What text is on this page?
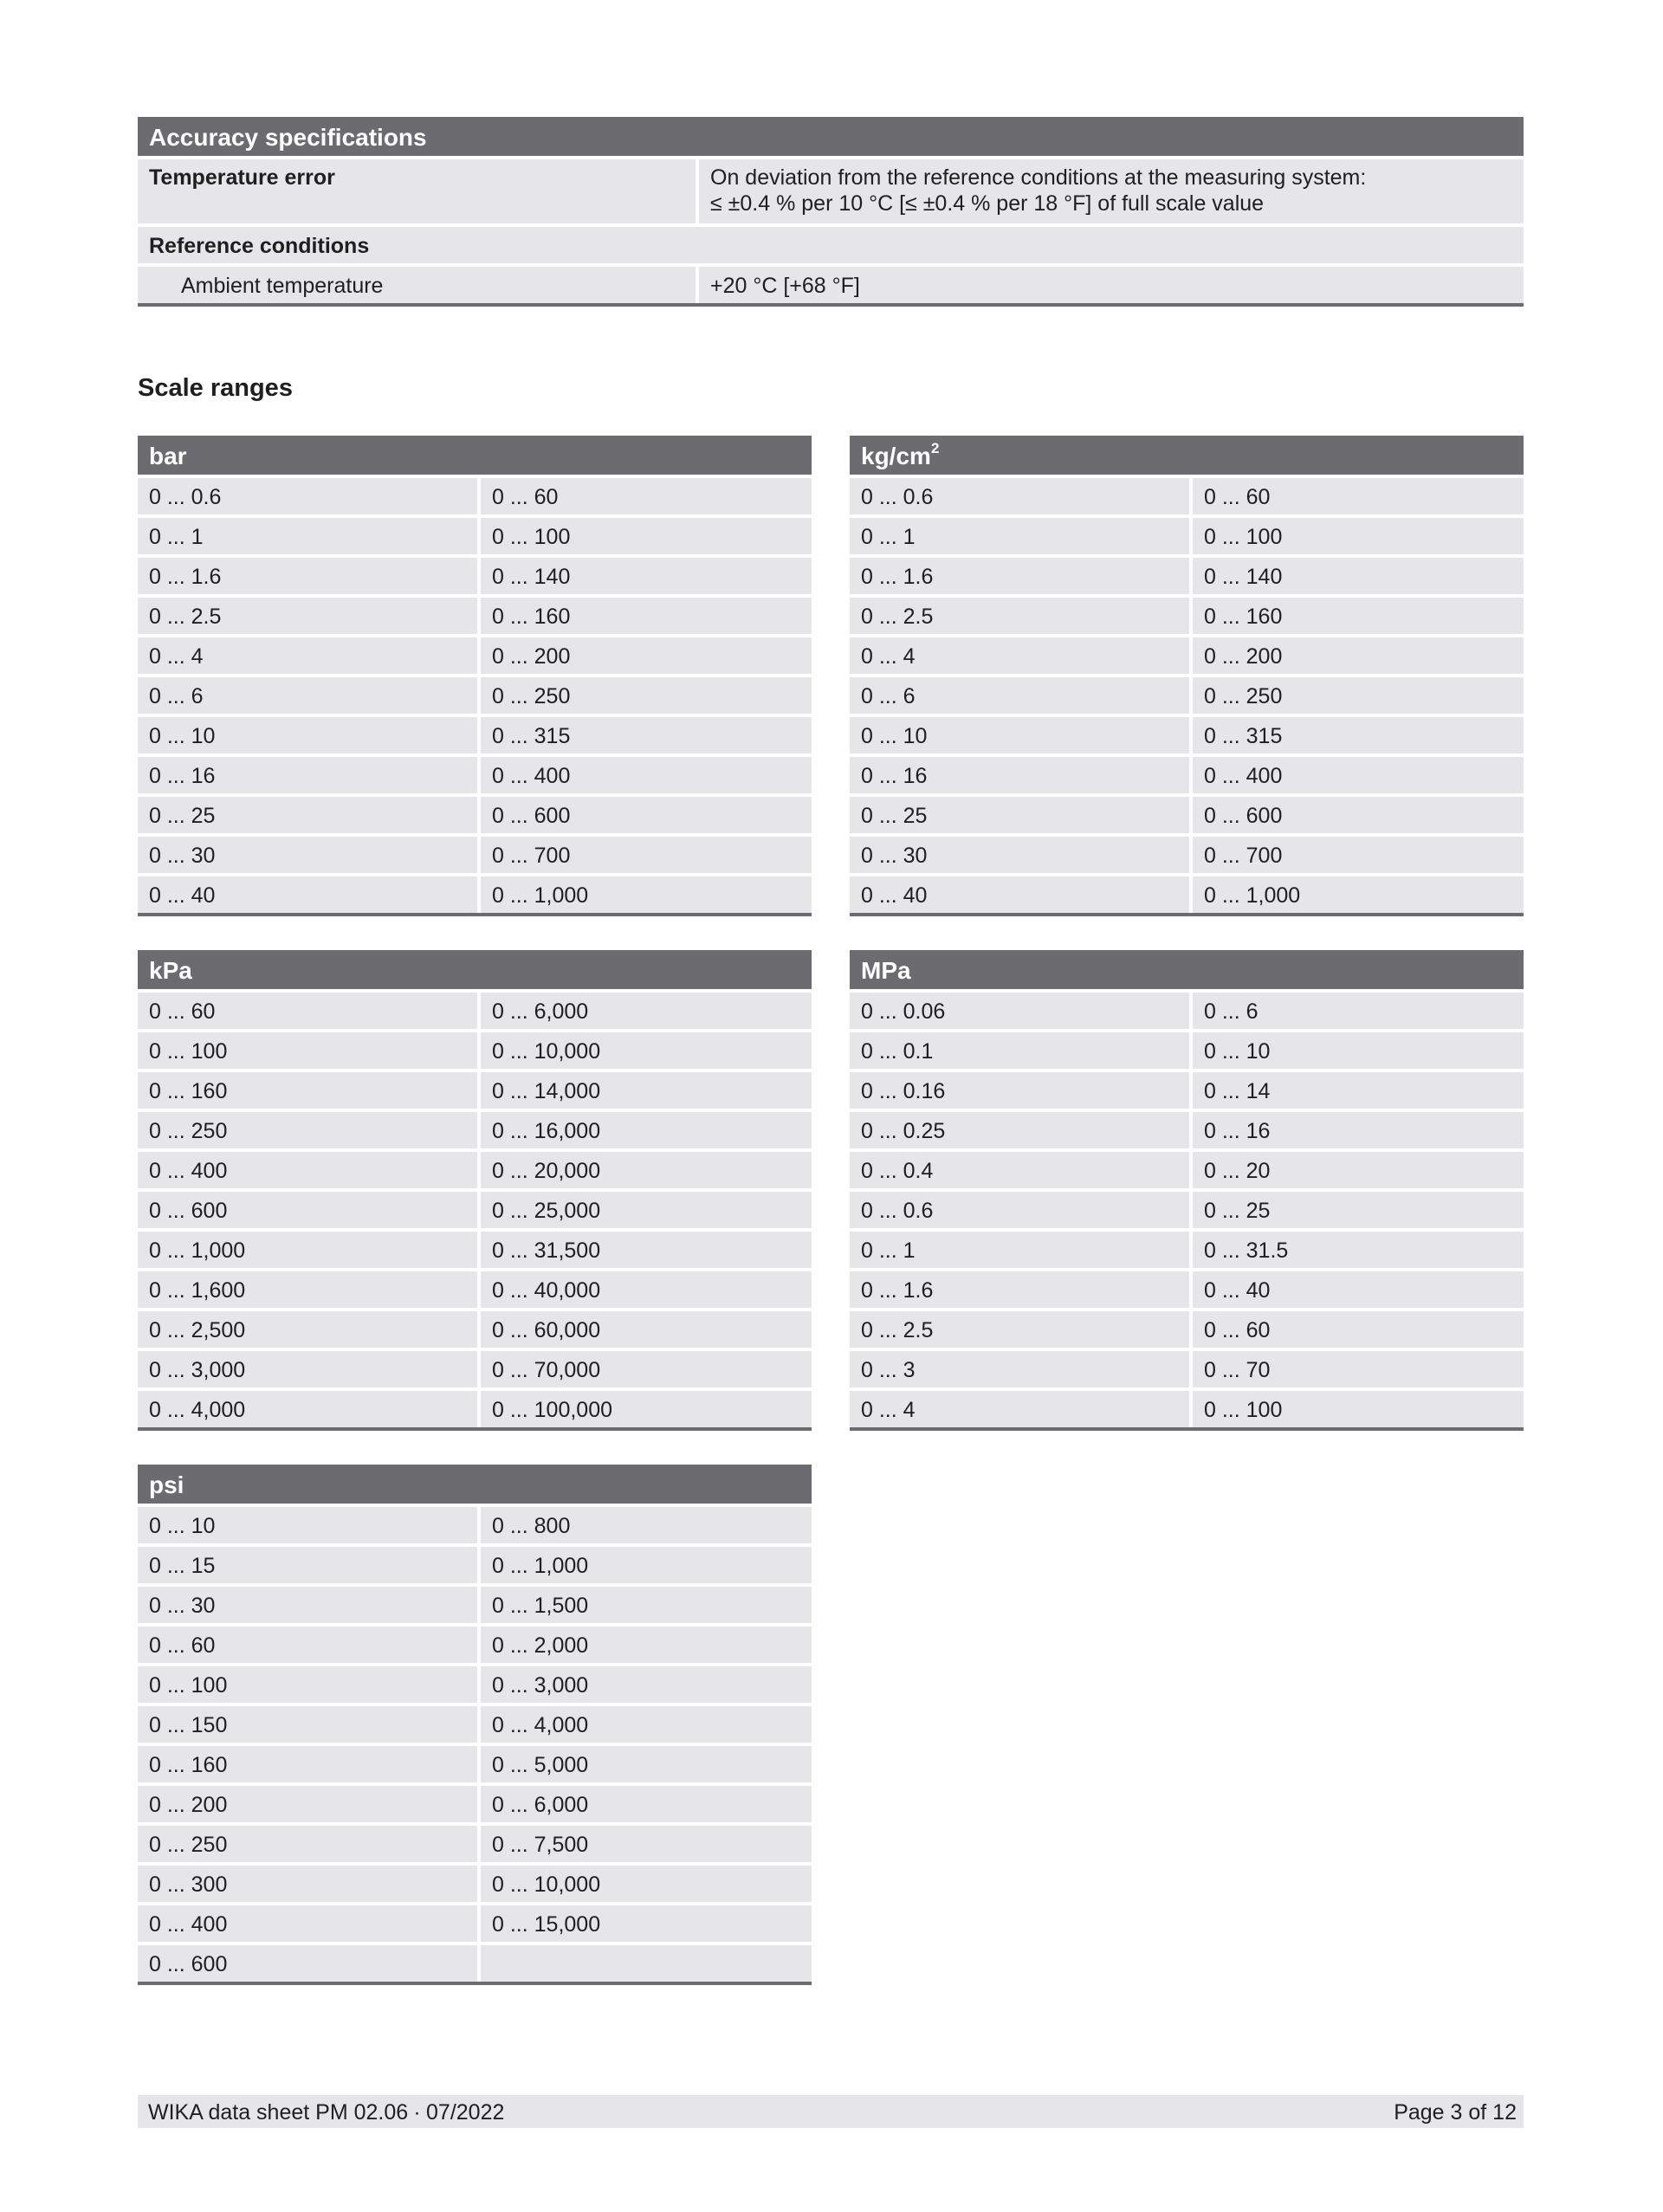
Accuracy specifications
Temperature error	On deviation from the reference conditions at the measuring system:
≤ ±0.4 % per 10 °C [≤ ±0.4 % per 18 °F] of full scale value
Reference conditions
Ambient temperature	+20 °C [+68 °F]
Scale ranges
bar
0 ... 0.6	0 ... 60
0 ... 1	0 ... 100
0 ... 1.6	0 ... 140
0 ... 2.5	0 ... 160
0 ... 4	0 ... 200
0 ... 6	0 ... 250
0 ... 10	0 ... 315
0 ... 16	0 ... 400
0 ... 25	0 ... 600
0 ... 30	0 ... 700
0 ... 40	0 ... 1,000
$kg/cm^2$
0 ... 0.6	0 ... 60
0 ... 1	0 ... 100
0 ... 1.6	0 ... 140
0 ... 2.5	0 ... 160
0 ... 4	0 ... 200
0 ... 6	0 ... 250
0 ... 10	0 ... 315
0 ... 16	0 ... 400
0 ... 25	0 ... 600
0 ... 30	0 ... 700
0 ... 40	0 ... 1,000
kPa
0 ... 60	0 ... 6,000
0 ... 100	0 ... 10,000
0 ... 160	0 ... 14,000
0 ... 250	0 ... 16,000
0 ... 400	0 ... 20,000
0 ... 600	0 ... 25,000
0 ... 1,000	0 ... 31,500
0 ... 1,600	0 ... 40,000
0 ... 2,500	0 ... 60,000
0 ... 3,000	0 ... 70,000
0 ... 4,000	0 ... 100,000
MPa
0 ... 0.06	0 ... 6
0 ... 0.1	0 ... 10
0 ... 0.16	0 ... 14
0 ... 0.25	0 ... 16
0 ... 0.4	0 ... 20
0 ... 0.6	0 ... 25
0 ... 1	0 ... 31.5
0 ... 1.6	0 ... 40
0 ... 2.5	0 ... 60
0 ... 3	0 ... 70
0 ... 4	0 ... 100
psi
0 ... 10	0 ... 800
0 ... 15	0 ... 1,000
0 ... 30	0 ... 1,500
0 ... 60	0 ... 2,000
0 ... 100	0 ... 3,000
0 ... 150	0 ... 4,000
0 ... 160	0 ... 5,000
0 ... 200	0 ... 6,000
0 ... 250	0 ... 7,500
0 ... 300	0 ... 10,000
0 ... 400	0 ... 15,000
0 ... 600
WIKA data sheet PM 02.06 ∙ 07/2022	Page 3 of 12
